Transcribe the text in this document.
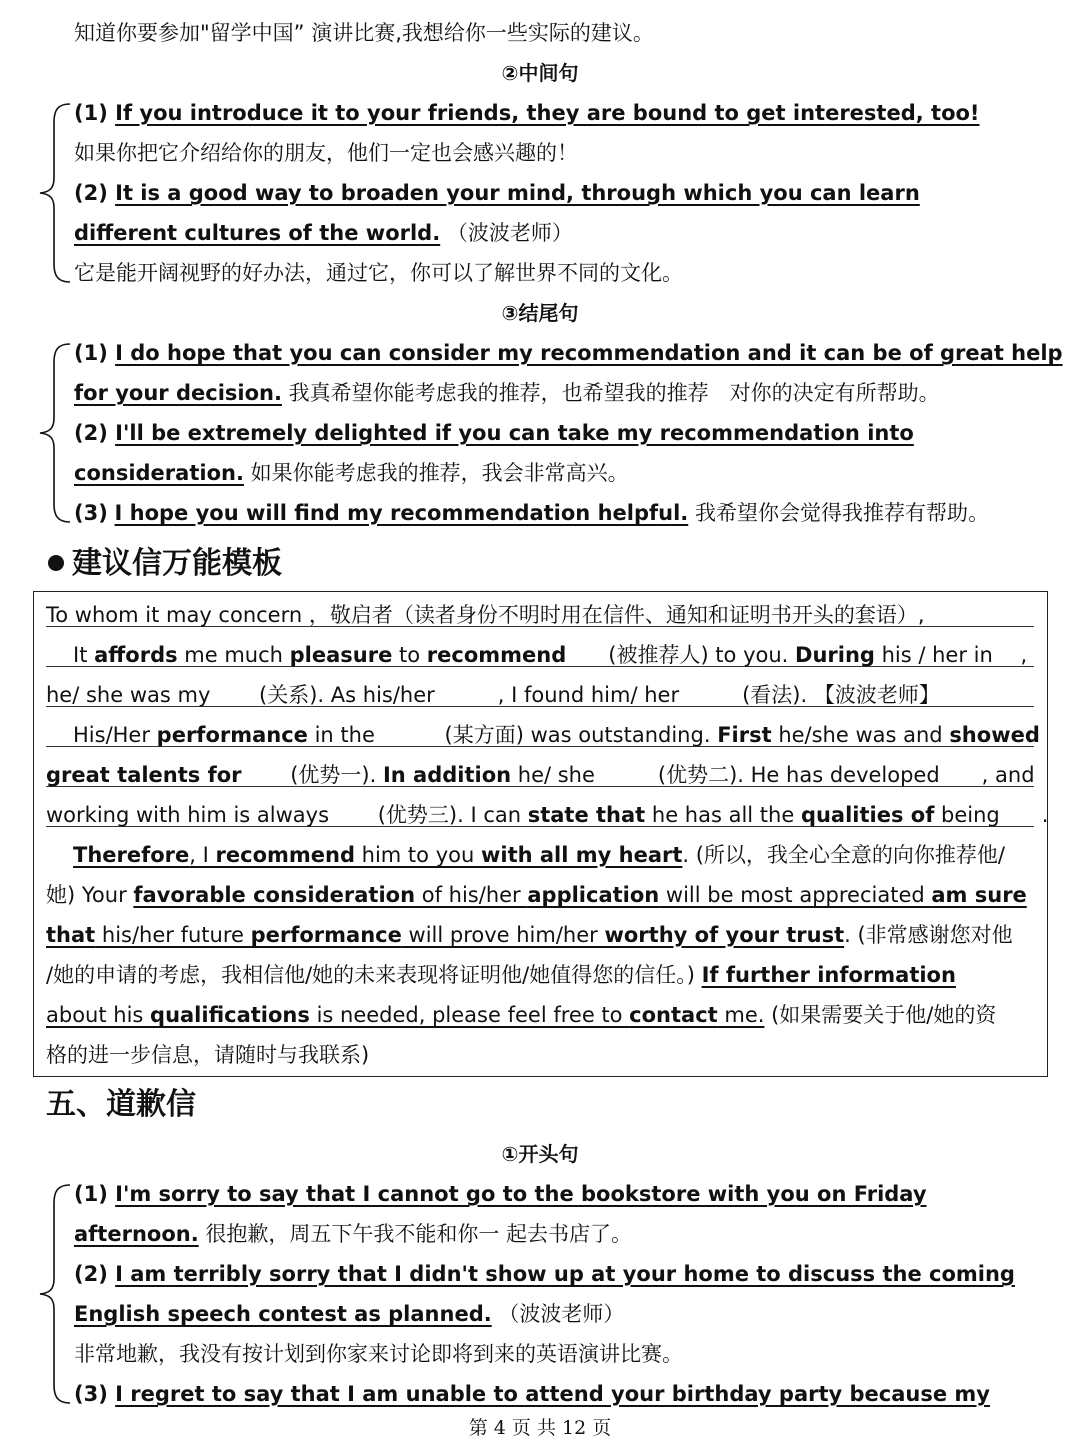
知道你要参加"留学中国” 演讲比赛,我想给你一些实际的建议。
②中间句
(1) If you introduce it to your friends, they are bound to get interested, too!
如果你把它介绍给你的朋友，他们一定也会感兴趣的！
(2) It is a good way to broaden your mind, through which you can learn
different cultures of the world. （波波老师）
它是能开阔视野的好办法，通过它，你可以了解世界不同的文化。
③结尾句
(1) I do hope that you can consider my recommendation and it can be of great help
for your decision. 我真希望你能考虑我的推荐，也希望我的推荐　对你的决定有所帮助。
(2) I'll be extremely delighted if you can take my recommendation into
consideration. 如果你能考虑我的推荐，我会非常高兴。
(3) I hope you will find my recommendation helpful. 我希望你会觉得我推荐有帮助。
建议信万能模板
To whom it may concern ，敬启者（读者身份不明时用在信件、通知和证明书开头的套语）,
It affords me much pleasure to recommend　　(被推荐人) to you. During his / her in　 ,
he/ she was my 　　(关系). As his/her　　　, I found him/ her　　　(看法). 【波波老师】
His/Her performance in the 　　　(某方面) was outstanding. First he/she was and showed
great talents for 　　(优势一). In addition he/ she　　　(优势二). He has developed　　, and
working with him is always　　 (优势三). I can state that he has all the qualities of being　　.
Therefore, I recommend him to you with all my heart. (所以，我全心全意的向你推荐他/
她) Your favorable consideration of his/her application will be most appreciated am sure
that his/her future performance will prove him/her worthy of your trust. (非常感谢您对他
/她的申请的考虑，我相信他/她的未来表现将证明他/她值得您的信任。) If further information
about his qualifications is needed, please feel free to contact me. (如果需要关于他/她的资
格的进一步信息，请随时与我联系)
五、道歉信
①开头句
(1) I'm sorry to say that I cannot go to the bookstore with you on Friday
afternoon. 很抱歉，周五下午我不能和你一 起去书店了。
(2) I am terribly sorry that I didn't show up at your home to discuss the coming
English speech contest as planned. （波波老师）
非常地歉，我没有按计划到你家来讨论即将到来的英语演讲比赛。
(3) I regret to say that I am unable to attend your birthday party because my
第 4 页 共 12 页
